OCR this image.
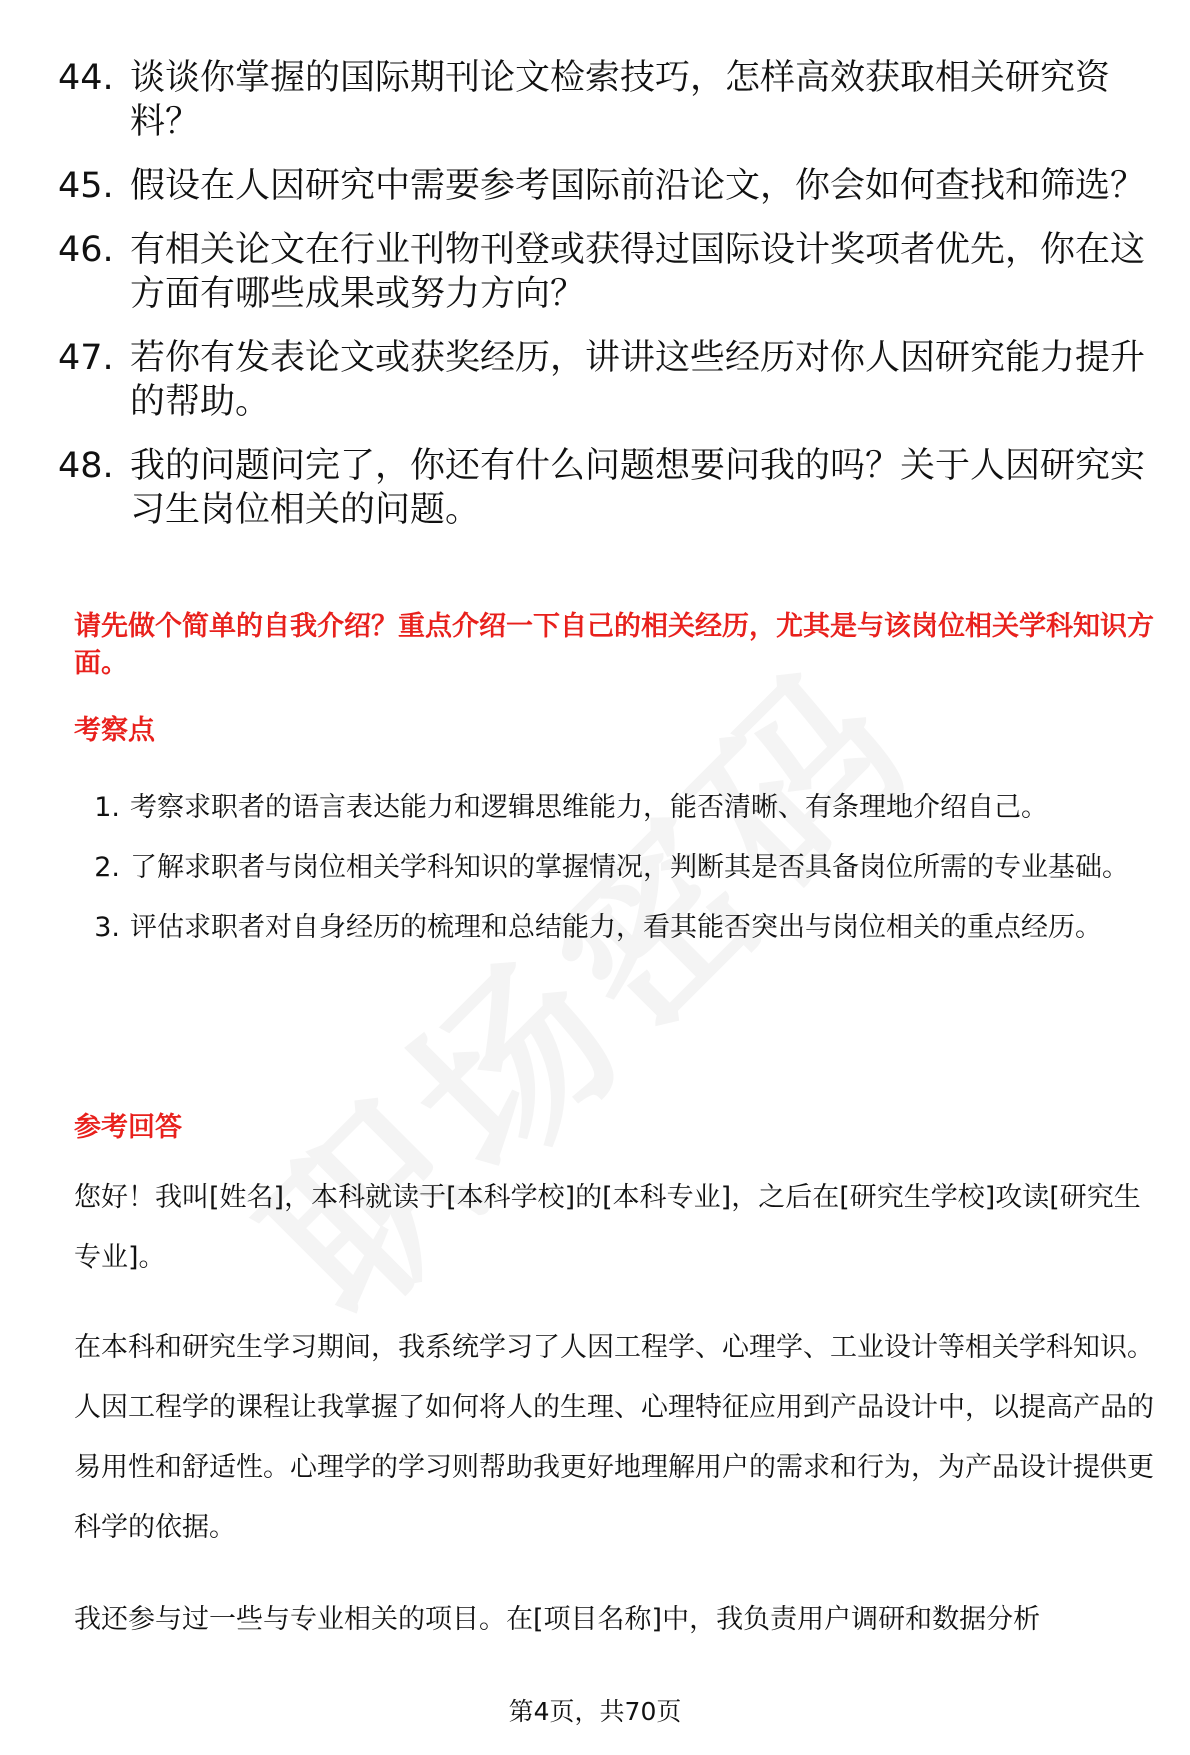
44. 谈谈你掌握的国际期刊论文检索技巧，怎样高效获取相关研究资料？
45. 假设在人因研究中需要参考国际前沿论文，你会如何查找和筛选？
46. 有相关论文在行业刊物刊登或获得过国际设计奖项者优先，你在这方面有哪些成果或努力方向？
47. 若你有发表论文或获奖经历，讲讲这些经历对你人因研究能力提升的帮助。
48. 我的问题问完了，你还有什么问题想要问我的吗？关于人因研究实习生岗位相关的问题。

请先做个简单的自我介绍？重点介绍一下自己的相关经历，尤其是与该岗位相关学科知识方面。

考察点
1. 考察求职者的语言表达能力和逻辑思维能力，能否清晰、有条理地介绍自己。
2. 了解求职者与岗位相关学科知识的掌握情况，判断其是否具备岗位所需的专业基础。
3. 评估求职者对自身经历的梳理和总结能力，看其能否突出与岗位相关的重点经历。
参考回答

您好！我叫[姓名]，本科就读于[本科学校]的[本科专业]，之后在[研究生学校]攻读[研究生专业]。

在本科和研究生学习期间，我系统学习了人因工程学、心理学、工业设计等相关学科知识。人因工程学的课程让我掌握了如何将人的生理、心理特征应用到产品设计中，以提高产品的易用性和舒适性。心理学的学习则帮助我更好地理解用户的需求和行为，为产品设计提供更科学的依据。

我还参与过一些与专业相关的项目。在[项目名称]中，我负责用户调研和数据分析

第4页，共70页
